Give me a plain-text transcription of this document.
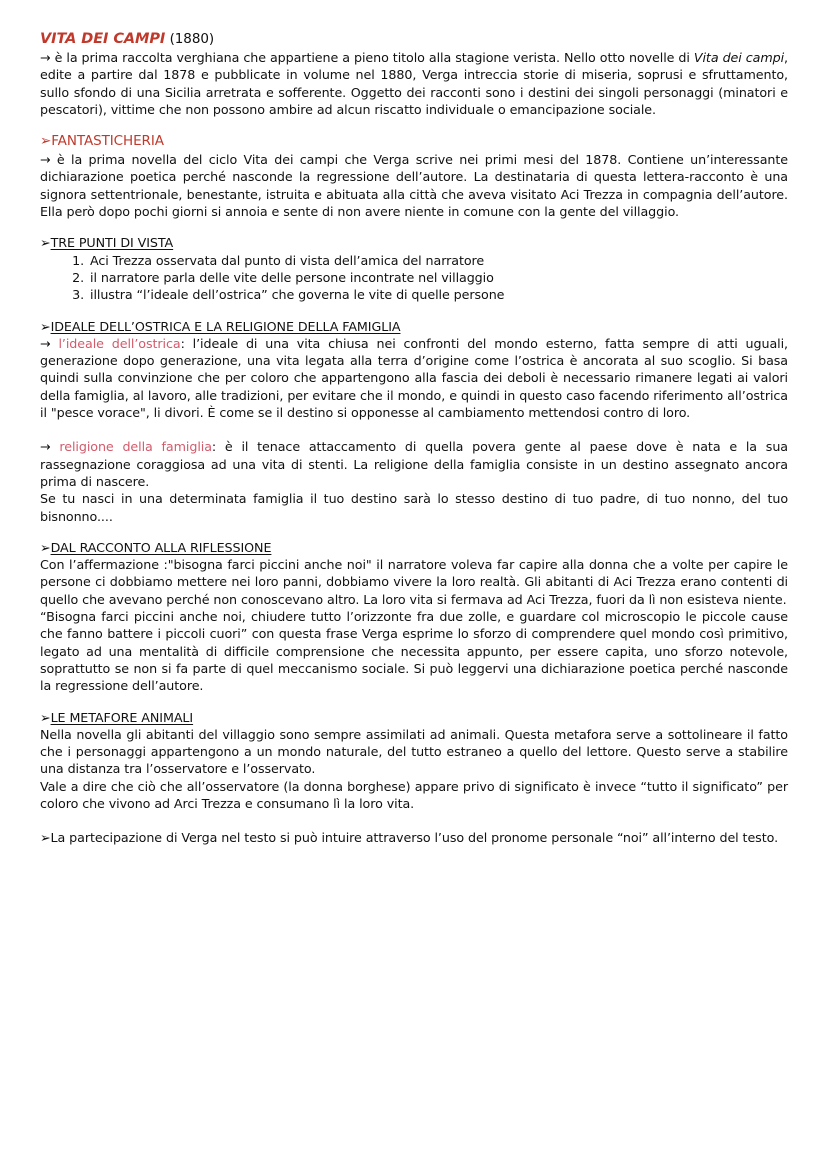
VITA DEI CAMPI (1880)

→ è la prima raccolta verghiana che appartiene a pieno titolo alla stagione verista. Nello otto novelle di Vita dei campi, edite a partire dal 1878 e pubblicate in volume nel 1880, Verga intreccia storie di miseria, soprusi e sfruttamento, sullo sfondo di una Sicilia arretrata e sofferente. Oggetto dei racconti sono i destini dei singoli personaggi (minatori e pescatori), vittime che non possono ambire ad alcun riscatto individuale o emancipazione sociale.

➢FANTASTICHERIA

→ è la prima novella del ciclo Vita dei campi che Verga scrive nei primi mesi del 1878. Contiene un’interessante dichiarazione poetica perché nasconde la regressione dell’autore. La destinataria di questa lettera-racconto è una signora settentrionale, benestante, istruita e abituata alla città che aveva visitato Aci Trezza in compagnia dell’autore. Ella però dopo pochi giorni si annoia e sente di non avere niente in comune con la gente del villaggio.

➢TRE PUNTI DI VISTA

1. Aci Trezza osservata dal punto di vista dell’amica del narratore
2. il narratore parla delle vite delle persone incontrate nel villaggio
3. illustra “l’ideale dell’ostrica” che governa le vite di quelle persone

➢IDEALE DELL’OSTRICA E LA RELIGIONE DELLA FAMIGLIA

→ l’ideale dell’ostrica: l’ideale di una vita chiusa nei confronti del mondo esterno, fatta sempre di atti uguali, generazione dopo generazione, una vita legata alla terra d’origine come l’ostrica è ancorata al suo scoglio. Si basa quindi sulla convinzione che per coloro che appartengono alla fascia dei deboli è necessario rimanere legati ai valori della famiglia, al lavoro, alle tradizioni, per evitare che il mondo, e quindi in questo caso facendo riferimento all’ostrica il "pesce vorace", li divori. È come se il destino si opponesse al cambiamento mettendosi contro di loro.

→ religione della famiglia: è il tenace attaccamento di quella povera gente al paese dove è nata e la sua rassegnazione coraggiosa ad una vita di stenti. La religione della famiglia consiste in un destino assegnato ancora prima di nascere.

Se tu nasci in una determinata famiglia il tuo destino sarà lo stesso destino di tuo padre, di tuo nonno, del tuo bisnonno....

➢DAL RACCONTO ALLA RIFLESSIONE

Con l’affermazione :"bisogna farci piccini anche noi" il narratore voleva far capire alla donna che a volte per capire le persone ci dobbiamo mettere nei loro panni, dobbiamo vivere la loro realtà. Gli abitanti di Aci Trezza erano contenti di quello che avevano perché non conoscevano altro. La loro vita si fermava ad Aci Trezza, fuori da lì non esisteva niente.

“Bisogna farci piccini anche noi, chiudere tutto l’orizzonte fra due zolle, e guardare col microscopio le piccole cause che fanno battere i piccoli cuori” con questa frase Verga esprime lo sforzo di comprendere quel mondo così primitivo, legato ad una mentalità di difficile comprensione che necessita appunto, per essere capita, uno sforzo notevole, soprattutto se non si fa parte di quel meccanismo sociale. Si può leggervi una dichiarazione poetica perché nasconde la regressione dell’autore.

➢LE METAFORE ANIMALI

Nella novella gli abitanti del villaggio sono sempre assimilati ad animali. Questa metafora serve a sottolineare il fatto che i personaggi appartengono a un mondo naturale, del tutto estraneo a quello del lettore. Questo serve a stabilire una distanza tra l’osservatore e l’osservato.

Vale a dire che ciò che all’osservatore (la donna borghese) appare privo di significato è invece “tutto il significato” per coloro che vivono ad Arci Trezza e consumano lì la loro vita.

➢La partecipazione di Verga nel testo si può intuire attraverso l’uso del pronome personale “noi” all’interno del testo.
